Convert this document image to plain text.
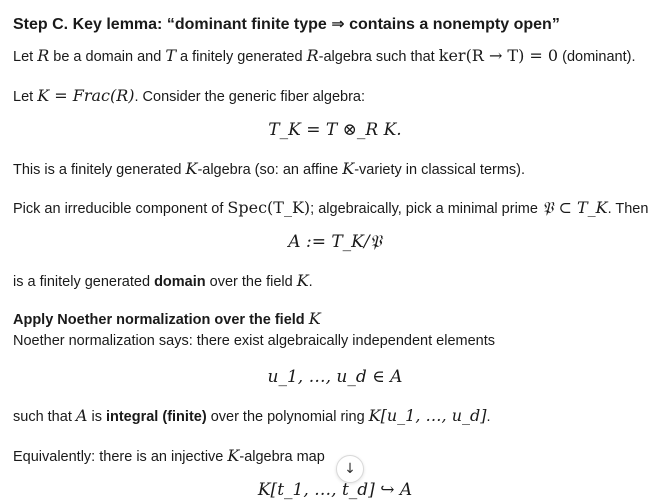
Step C. Key lemma: “dominant finite type ⇒ contains a nonempty open”
Let R be a domain and T a finitely generated R-algebra such that ker(R → T) = 0 (dominant).
Let K = Frac(R). Consider the generic fiber algebra:
T_K = T ⊗_R K.
This is a finitely generated K-algebra (so: an affine K-variety in classical terms).
Pick an irreducible component of Spec(T_K); algebraically, pick a minimal prime 𝔓 ⊂ T_K. Then
A := T_K/𝔓
is a finitely generated domain over the field K.
Apply Noether normalization over the field K
Noether normalization says: there exist algebraically independent elements
u_1, …, u_d ∈ A
such that A is integral (finite) over the polynomial ring K[u_1, …, u_d].
Equivalently: there is an injective K-algebra map
↓
K[t_1, …, t_d] ↪ A
